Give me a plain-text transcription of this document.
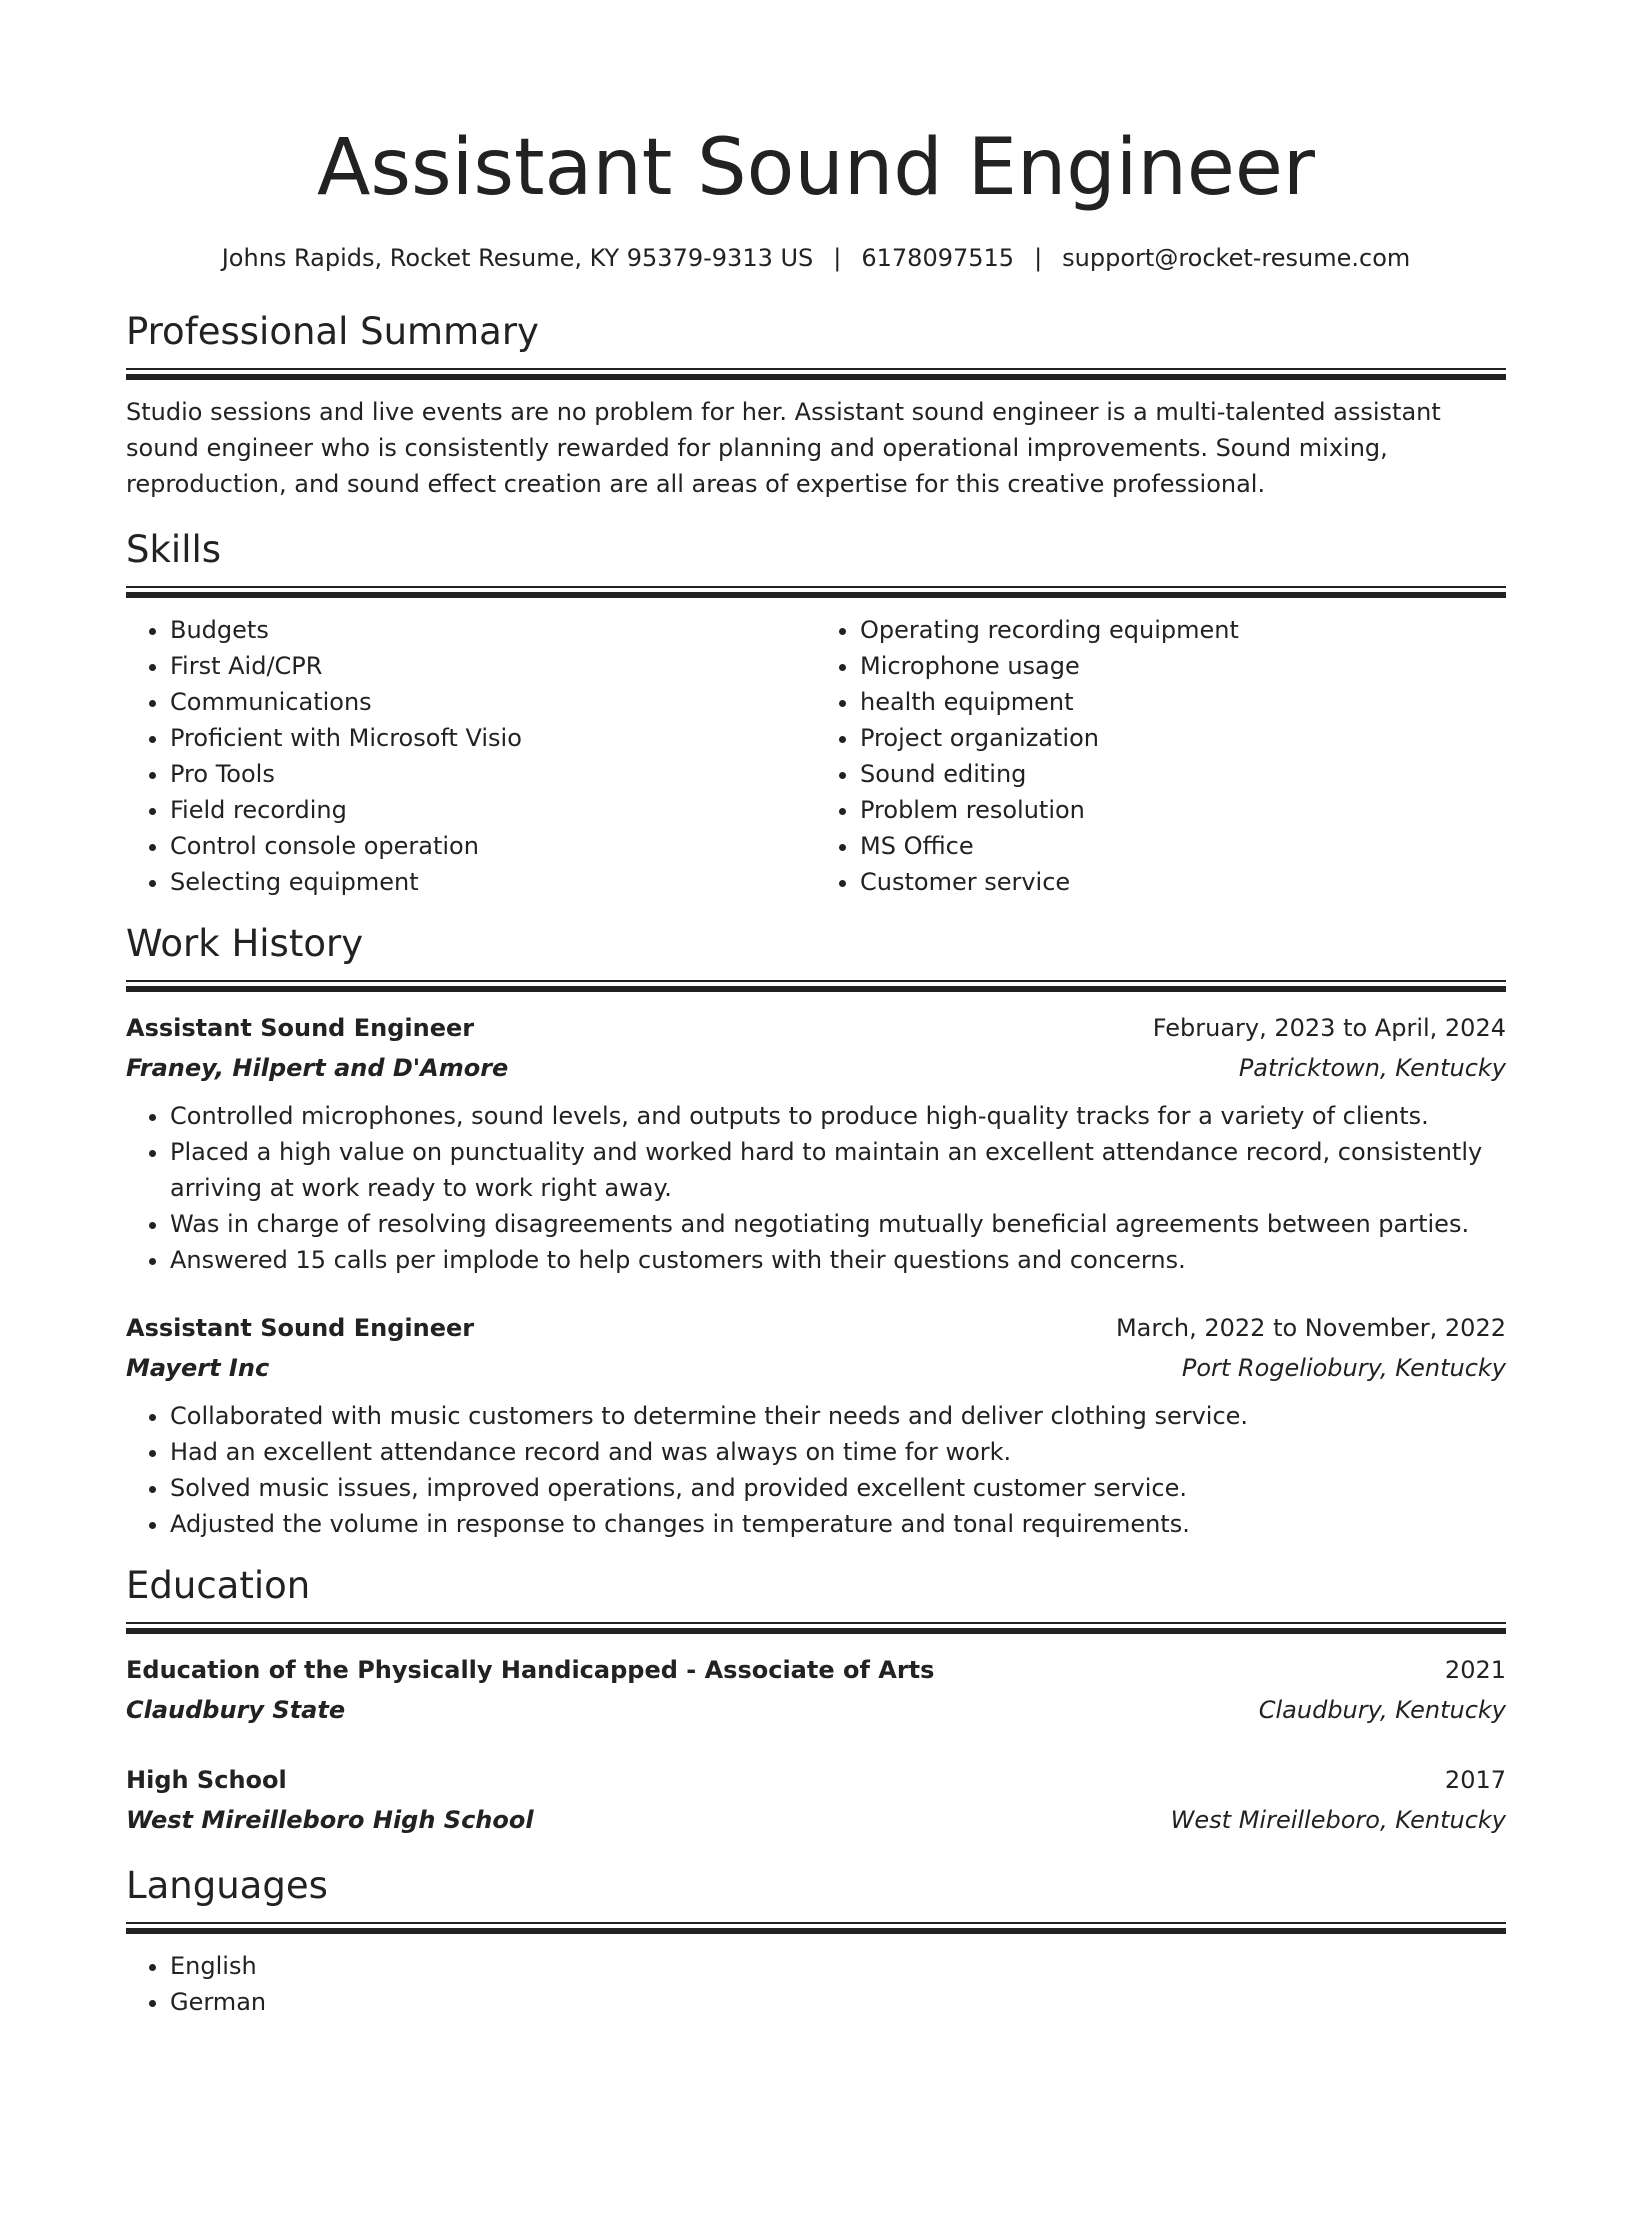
Assistant Sound Engineer
Johns Rapids, Rocket Resume, KY 95379-9313 US | 6178097515 | support@rocket-resume.com
Professional Summary

Studio sessions and live events are no problem for her. Assistant sound engineer is a multi-talented assistant sound engineer who is consistently rewarded for planning and operational improvements. Sound mixing, reproduction, and sound effect creation are all areas of expertise for this creative professional.

Skills
• Budgets
• First Aid/CPR
• Communications
• Proficient with Microsoft Visio
• Pro Tools
• Field recording
• Control console operation
• Selecting equipment
• Operating recording equipment
• Microphone usage
• health equipment
• Project organization
• Sound editing
• Problem resolution
• MS Office
• Customer service
Work History
Assistant Sound Engineer	February, 2023 to April, 2024
Franey, Hilpert and D'Amore	Patricktown, Kentucky
• Controlled microphones, sound levels, and outputs to produce high-quality tracks for a variety of clients.
• Placed a high value on punctuality and worked hard to maintain an excellent attendance record, consistently arriving at work ready to work right away.
• Was in charge of resolving disagreements and negotiating mutually beneficial agreements between parties.
• Answered 15 calls per implode to help customers with their questions and concerns.
Assistant Sound Engineer	March, 2022 to November, 2022
Mayert Inc	Port Rogeliobury, Kentucky
• Collaborated with music customers to determine their needs and deliver clothing service.
• Had an excellent attendance record and was always on time for work.
• Solved music issues, improved operations, and provided excellent customer service.
• Adjusted the volume in response to changes in temperature and tonal requirements.
Education
Education of the Physically Handicapped - Associate of Arts	2021
Claudbury State	Claudbury, Kentucky
High School	2017
West Mireilleboro High School	West Mireilleboro, Kentucky
Languages
• English
• German
